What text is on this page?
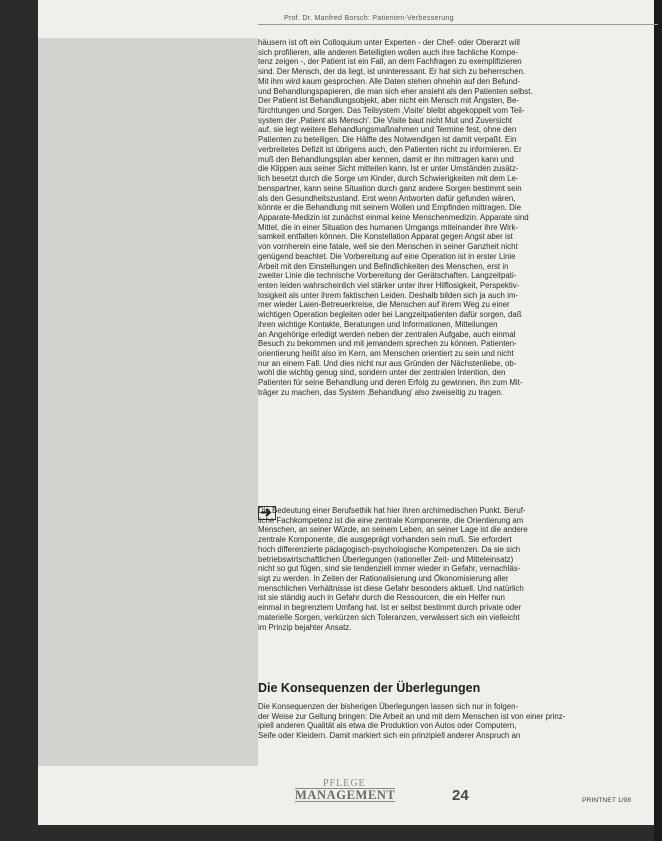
Prof. Dr. Manfred Borsch: Patienten-Verbesserung
häusern ist oft ein Colloquium unter Experten - der Chef- oder Oberarzt will
sich profilieren, alle anderen Beteiligten wollen auch ihre fachliche Kompe-
tenz zeigen -, der Patient ist ein Fall, an dem Fachfragen zu exemplifizieren
sind. Der Mensch, der da liegt, ist uninteressant. Er hat sich zu beherrschen.
Mit ihm wird kaum gesprochen. Alle Daten stehen ohnehin auf den Befund-
und Behandlungspapieren, die man sich eher ansieht als den Patienten selbst.
Der Patient ist Behandlungsobjekt, aber nicht ein Mensch mit Ängsten, Be-
fürchtungen und Sorgen. Das Teilsystem ‚Visite' bleibt abgekoppelt vom Teil-
system der ‚Patient als Mensch'. Die Visite baut nicht Mut und Zuversicht
auf, sie legt weitere Behandlungsmaßnahmen und Termine fest, ohne den
Patienten zu beteiligen. Die Hälfte des Notwendigen ist damit verpaßt. Ein
verbreitetes Defizit ist übrigens auch, den Patienten nicht zu informieren. Er
muß den Behandlungsplan aber kennen, damit er ihn mittragen kann und
die Klippen aus seiner Sicht mitteilen kann. Ist er unter Umständen zusätz-
lich besetzt durch die Sorge um Kinder, durch Schwierigkeiten mit dem Le-
benspartner, kann seine Situation durch ganz andere Sorgen bestimmt sein
als den Gesundheitszustand. Erst wenn Antworten dafür gefunden wären,
könnte er die Behandlung mit seinem Wollen und Empfinden mittragen. Die
Apparate-Medizin ist zunächst einmal keine Menschenmedizin. Apparate sind
Mittel, die in einer Situation des humanen Umgangs miteinander ihre Wirk-
samkeit entfalten können. Die Konstellation Apparat gegen Angst aber ist
von vornherein eine fatale, weil sie den Menschen in seiner Ganzheit nicht
genügend beachtet. Die Vorbereitung auf eine Operation ist in erster Linie
Arbeit mit den Einstellungen und Befindlichkeiten des Menschen, erst in
zweiter Linie die technische Vorbereitung der Gerätschaften. Langzeitpati-
enten leiden wahrscheinlich viel stärker unter ihrer Hilflosigkeit, Perspektiv-
losigkeit als unter ihrem faktischen Leiden. Deshalb bilden sich ja auch im-
mer wieder Laien-Betreuerkreise, die Menschen auf ihrem Weg zu einer
wichtigen Operation begleiten oder bei Langzeitpatienten dafür sorgen, daß
ihren wichtige Kontakte, Beratungen und Informationen, Mitteilungen
an Angehörige erledigt werden neben der zentralen Aufgabe, auch einmal
Besuch zu bekommen und mit jemandem sprechen zu können. Patienten-
orientierung heißt also im Kern, am Menschen orientiert zu sein und nicht
nur an einem Fall. Und dies nicht nur aus Gründen der Nächstenliebe, ob-
wohl die wichtig genug sind, sondern unter der zentralen Intention, den
Patienten für seine Behandlung und deren Erfolg zu gewinnen, ihn zum Mit-
träger zu machen, das System ‚Behandlung' also zweiseitig zu tragen.
Die Bedeutung einer Berufsethik hat hier ihren archimedischen Punkt. Beruf-
liche Fachkompetenz ist die eine zentrale Komponente, die Orientierung am
Menschen, an seiner Würde, an seinem Leben, an seiner Lage ist die andere
zentrale Komponente, die ausgeprägt vorhanden sein muß. Sie erfordert
hoch differenzierte pädagogisch-psychologische Kompetenzen. Da sie sich
betriebswirtschaftlichen Überlegungen (rationeller Zeit- und Mitteleinsatz)
nicht so gut fügen, sind sie tendenziell immer wieder in Gefahr, vernachläs-
sigt zu werden. In Zeiten der Rationalisierung und Ökonomisierung aller
menschlichen Verhältnisse ist diese Gefahr besonders aktuell. Und natürlich
ist sie ständig auch in Gefahr durch die Ressourcen, die ein Helfer nun
einmal in begrenztem Umfang hat. Ist er selbst bestimmt durch private oder
materielle Sorgen, verkürzen sich Toleranzen, verwässert sich ein vielleicht
im Prinzip bejahter Ansatz.
Die Konsequenzen der Überlegungen
Die Konsequenzen der bisherigen Überlegungen lassen sich nur in folgen-
der Weise zur Geltung bringen: Die Arbeit an und mit dem Menschen ist von einer prinz-
ipiell anderen Qualität als etwa die Produktion von Autos oder Computern,
Seife oder Kleidern. Damit markiert sich ein prinzipiell anderer Anspruch an
PFLEGE
MANAGEMENT	24	PRINTNET 1/98
